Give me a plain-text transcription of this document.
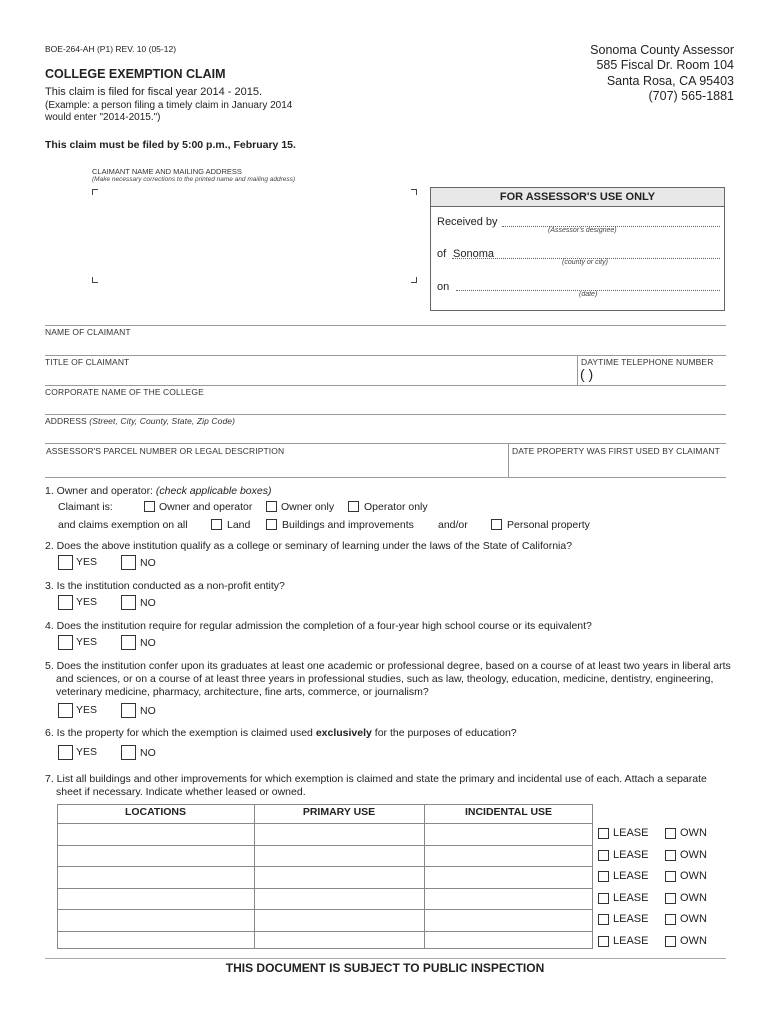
BOE-264-AH (P1) REV. 10 (05-12)
COLLEGE EXEMPTION CLAIM
This claim is filed for fiscal year 2014 - 2015.
(Example: a person filing a timely claim in January 2014
would enter "2014-2015.")
This claim must be filed by 5:00 p.m., February 15.
Sonoma County Assessor
585 Fiscal Dr. Room 104
Santa Rosa, CA 95403
(707) 565-1881
CLAIMANT NAME AND MAILING ADDRESS
(Make necessary corrections to the printed name and mailing address)
FOR ASSESSOR'S USE ONLY
Received by
(Assessor's designee)
of Sonoma
(county or city)
on
(date)
NAME OF CLAIMANT
TITLE OF CLAIMANT	DAYTIME TELEPHONE NUMBER
( )
CORPORATE NAME OF THE COLLEGE
ADDRESS (Street, City, County, State, Zip Code)
ASSESSOR'S PARCEL NUMBER OR LEGAL DESCRIPTION	DATE PROPERTY WAS FIRST USED BY CLAIMANT
1. Owner and operator: (check applicable boxes)
Claimant is:	Owner and operator	Owner only	Operator only
and claims exemption on all	Land	Buildings and improvements and/or	Personal property
2. Does the above institution qualify as a college or seminary of learning under the laws of the State of California?
YES	NO
3. Is the institution conducted as a non-profit entity?
YES	NO
4. Does the institution require for regular admission the completion of a four-year high school course or its equivalent?
YES	NO
5. Does the institution confer upon its graduates at least one academic or professional degree, based on a course of at least two years in liberal arts
and sciences, or on a course of at least three years in professional studies, such as law, theology, education, medicine, dentistry, engineering,
veterinary medicine, pharmacy, architecture, fine arts, commerce, or journalism?
YES	NO
6. Is the property for which the exemption is claimed used exclusively for the purposes of education?
YES	NO
7. List all buildings and other improvements for which exemption is claimed and state the primary and incidental use of each. Attach a separate
sheet if necessary. Indicate whether leased or owned.
LOCATIONS	PRIMARY USE	INCIDENTAL USE
LEASE	OWN
LEASE	OWN
LEASE	OWN
LEASE	OWN
LEASE	OWN
LEASE	OWN
THIS DOCUMENT IS SUBJECT TO PUBLIC INSPECTION
